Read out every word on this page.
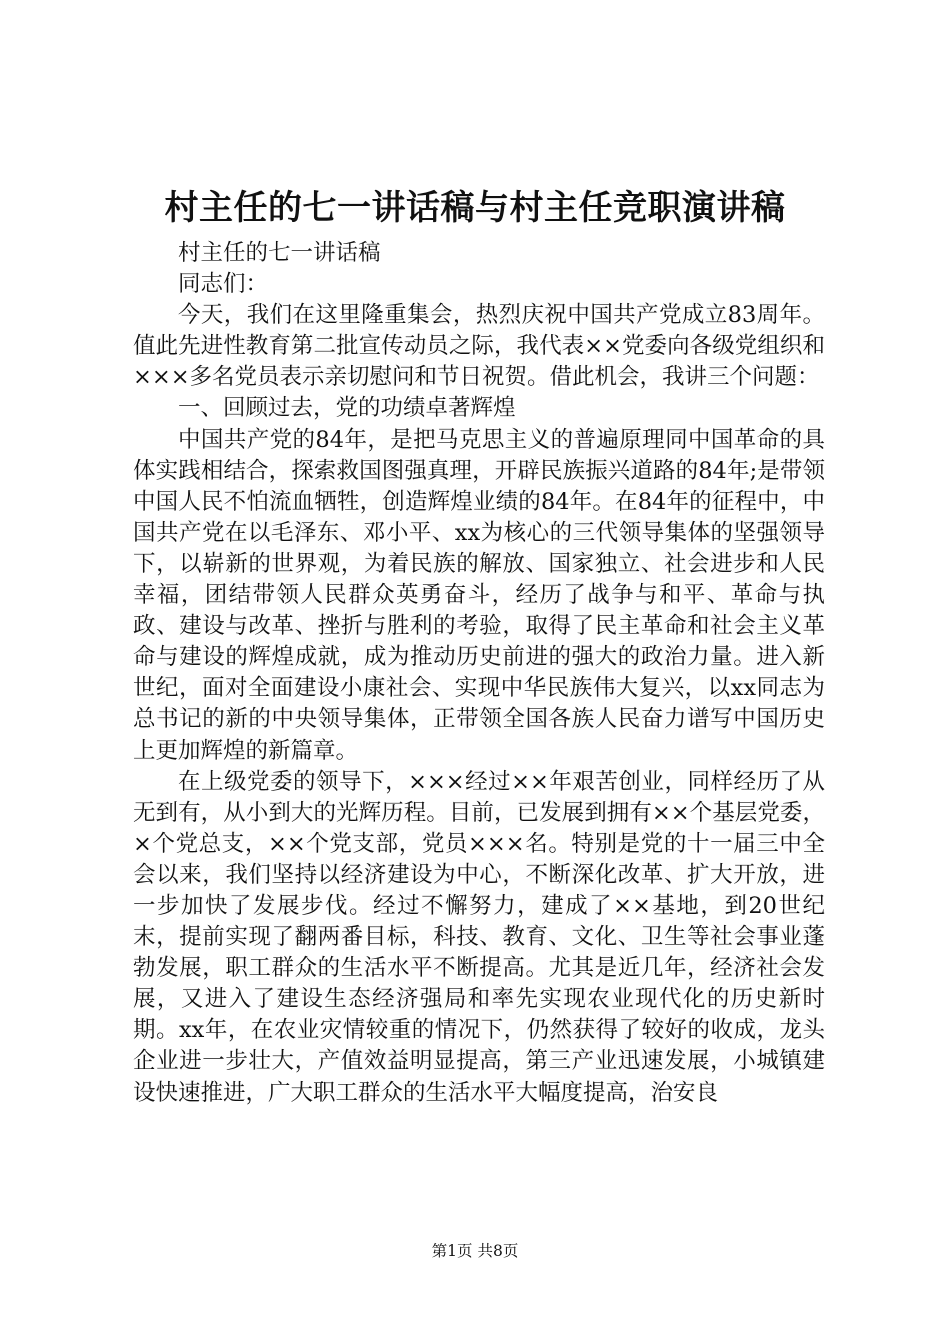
村主任的七一讲话稿与村主任竞职演讲稿

村主任的七一讲话稿

同志们：

今天，我们在这里隆重集会，热烈庆祝中国共产党成立83周年。值此先进性教育第二批宣传动员之际，我代表××党委向各级党组织和×××多名党员表示亲切慰问和节日祝贺。借此机会，我讲三个问题：

一、回顾过去，党的功绩卓著辉煌

中国共产党的84年，是把马克思主义的普遍原理同中国革命的具体实践相结合，探索救国图强真理，开辟民族振兴道路的84年;是带领中国人民不怕流血牺牲，创造辉煌业绩的84年。在84年的征程中，中国共产党在以毛泽东、邓小平、xx为核心的三代领导集体的坚强领导下，以崭新的世界观，为着民族的解放、国家独立、社会进步和人民幸福，团结带领人民群众英勇奋斗，经历了战争与和平、革命与执政、建设与改革、挫折与胜利的考验，取得了民主革命和社会主义革命与建设的辉煌成就，成为推动历史前进的强大的政治力量。进入新世纪，面对全面建设小康社会、实现中华民族伟大复兴，以xx同志为总书记的新的中央领导集体，正带领全国各族人民奋力谱写中国历史上更加辉煌的新篇章。

在上级党委的领导下，×××经过××年艰苦创业，同样经历了从无到有，从小到大的光辉历程。目前，已发展到拥有××个基层党委，×个党总支，××个党支部，党员×××名。特别是党的十一届三中全会以来，我们坚持以经济建设为中心，不断深化改革、扩大开放，进一步加快了发展步伐。经过不懈努力，建成了××基地，到20世纪末，提前实现了翻两番目标，科技、教育、文化、卫生等社会事业蓬勃发展，职工群众的生活水平不断提高。尤其是近几年，经济社会发展，又进入了建设生态经济强局和率先实现农业现代化的历史新时期。xx年，在农业灾情较重的情况下，仍然获得了较好的收成，龙头企业进一步壮大，产值效益明显提高，第三产业迅速发展，小城镇建设快速推进，广大职工群众的生活水平大幅度提高，治安良

第1页 共8页
